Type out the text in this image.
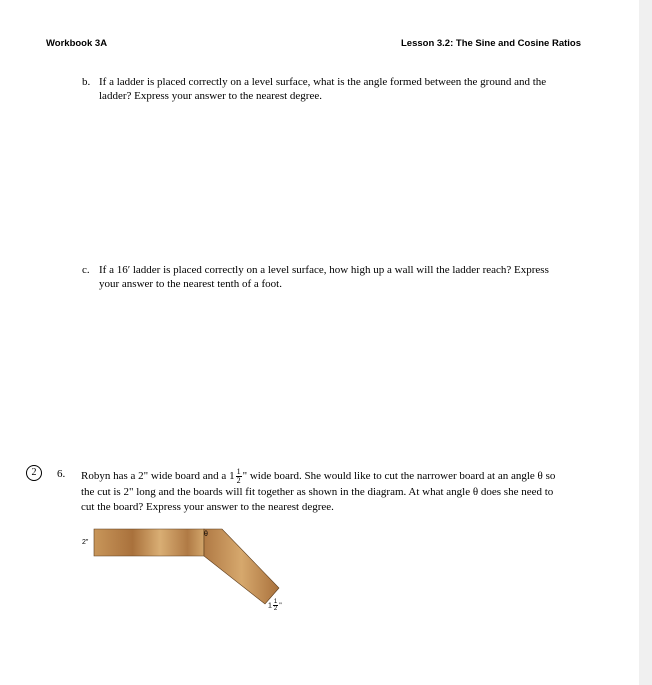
Workbook 3A	Lesson 3.2: The Sine and Cosine Ratios
b. If a ladder is placed correctly on a level surface, what is the angle formed between the ground and the ladder? Express your answer to the nearest degree.
c. If a 16′ ladder is placed correctly on a level surface, how high up a wall will the ladder reach? Express your answer to the nearest tenth of a foot.
2	6. Robyn has a 2" wide board and a $1 \frac{1}{2}$ " wide board. She would like to cut the narrower board at an angle θ so the cut is 2" long and the boards will fit together as shown in the diagram. At what angle θ does she need to cut the board? Express your answer to the nearest degree.
2"
θ
$1 \frac{1}{2}$ "
